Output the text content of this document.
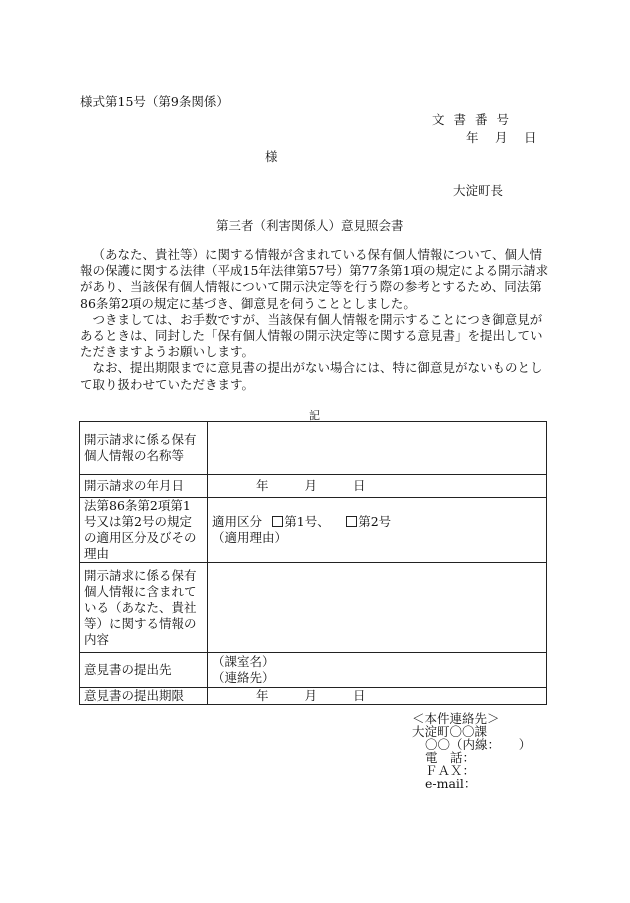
様式第15号（第9条関係）
文書番号
年  月  日
様
大淀町長
第三者（利害関係人）意見照会書

（あなた、貴社等）に関する情報が含まれている保有個人情報について、個人情報の保護に関する法律（平成15年法律第57号）第77条第1項の規定による開示請求があり、当該保有個人情報について開示決定等を行う際の参考とするため、同法第86条第2項の規定に基づき、御意見を伺うこととしました。

つきましては、お手数ですが、当該保有個人情報を開示することにつき御意見があるときは、同封した「保有個人情報の開示決定等に関する意見書」を提出していただきますようお願いします。

なお、提出期限までに意見書の提出がない場合には、特に御意見がないものとして取り扱わせていただきます。

記
開示請求に係る保有個人情報の名称等	
開示請求の年月日	年 月 日
法第86条第2項第1号又は第2号の規定の適用区分及びその理由	適用区分  第1号、  第2号
（適用理由）

開示請求に係る保有個人情報に含まれている（あなた、貴社等）に関する情報の内容	
意見書の提出先	（課室名）
（連絡先）

意見書の提出期限	年 月 日
＜本件連絡先＞
大淀町〇〇課
〇〇（内線：　　）
電　話：
ＦＡＸ：
e-mail：
